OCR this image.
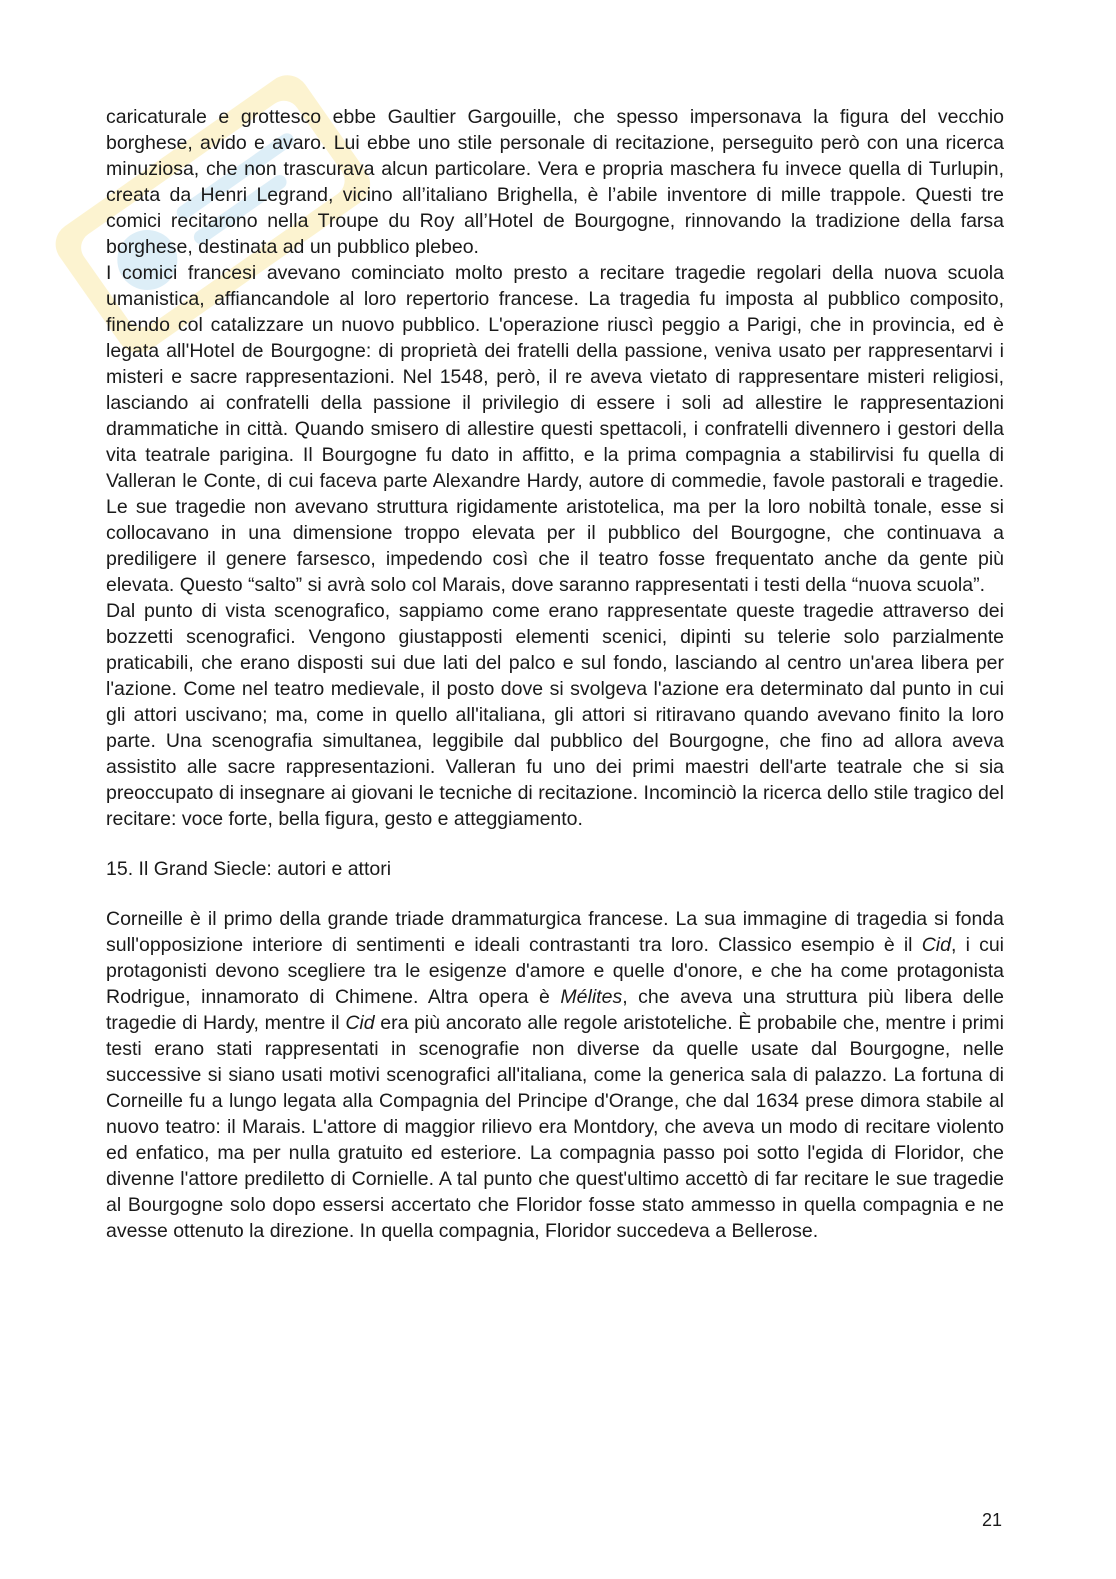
caricaturale e grottesco ebbe Gaultier Gargouille, che spesso impersonava la figura del vecchio borghese, avido e avaro. Lui ebbe uno stile personale di recitazione, perseguito però con una ricerca minuziosa, che non trascurava alcun particolare. Vera e propria maschera fu invece quella di Turlupin, creata da Henri Legrand, vicino all’italiano Brighella, è l’abile inventore di mille trappole. Questi tre comici recitarono nella Troupe du Roy all’Hotel de Bourgogne, rinnovando la tradizione della farsa borghese, destinata ad un pubblico plebeo.

I comici francesi avevano cominciato molto presto a recitare tragedie regolari della nuova scuola umanistica, affiancandole al loro repertorio francese. La tragedia fu imposta al pubblico composito, finendo col catalizzare un nuovo pubblico. L'operazione riuscì peggio a Parigi, che in provincia, ed è legata all'Hotel de Bourgogne: di proprietà dei fratelli della passione, veniva usato per rappresentarvi i misteri e sacre rappresentazioni. Nel 1548, però, il re aveva vietato di rappresentare misteri religiosi, lasciando ai confratelli della passione il privilegio di essere i soli ad allestire le rappresentazioni drammatiche in città. Quando smisero di allestire questi spettacoli, i confratelli divennero i gestori della vita teatrale parigina. Il Bourgogne fu dato in affitto, e la prima compagnia a stabilirvisi fu quella di Valleran le Conte, di cui faceva parte Alexandre Hardy, autore di commedie, favole pastorali e tragedie. Le sue tragedie non avevano struttura rigidamente aristotelica, ma per la loro nobiltà tonale, esse si collocavano in una dimensione troppo elevata per il pubblico del Bourgogne, che continuava a prediligere il genere farsesco, impedendo così che il teatro fosse frequentato anche da gente più elevata. Questo “salto” si avrà solo col Marais, dove saranno rappresentati i testi della “nuova scuola”.

Dal punto di vista scenografico, sappiamo come erano rappresentate queste tragedie attraverso dei bozzetti scenografici. Vengono giustapposti elementi scenici, dipinti su telerie solo parzialmente praticabili, che erano disposti sui due lati del palco e sul fondo, lasciando al centro un'area libera per l'azione. Come nel teatro medievale, il posto dove si svolgeva l'azione era determinato dal punto in cui gli attori uscivano; ma, come in quello all'italiana, gli attori si ritiravano quando avevano finito la loro parte. Una scenografia simultanea, leggibile dal pubblico del Bourgogne, che fino ad allora aveva assistito alle sacre rappresentazioni. Valleran fu uno dei primi maestri dell'arte teatrale che si sia preoccupato di insegnare ai giovani le tecniche di recitazione. Incominciò la ricerca dello stile tragico del recitare: voce forte, bella figura, gesto e atteggiamento.

15. Il Grand Siecle: autori e attori

Corneille è il primo della grande triade drammaturgica francese. La sua immagine di tragedia si fonda sull'opposizione interiore di sentimenti e ideali contrastanti tra loro. Classico esempio è il Cid, i cui protagonisti devono scegliere tra le esigenze d'amore e quelle d'onore, e che ha come protagonista Rodrigue, innamorato di Chimene. Altra opera è Mélites, che aveva una struttura più libera delle tragedie di Hardy, mentre il Cid era più ancorato alle regole aristoteliche. È probabile che, mentre i primi testi erano stati rappresentati in scenografie non diverse da quelle usate dal Bourgogne, nelle successive si siano usati motivi scenografici all'italiana, come la generica sala di palazzo. La fortuna di Corneille fu a lungo legata alla Compagnia del Principe d'Orange, che dal 1634 prese dimora stabile al nuovo teatro: il Marais. L'attore di maggior rilievo era Montdory, che aveva un modo di recitare violento ed enfatico, ma per nulla gratuito ed esteriore. La compagnia passo poi sotto l'egida di Floridor, che divenne l'attore prediletto di Cornielle. A tal punto che quest'ultimo accettò di far recitare le sue tragedie al Bourgogne solo dopo essersi accertato che Floridor fosse stato ammesso in quella compagnia e ne avesse ottenuto la direzione. In quella compagnia, Floridor succedeva a Bellerose.

21
